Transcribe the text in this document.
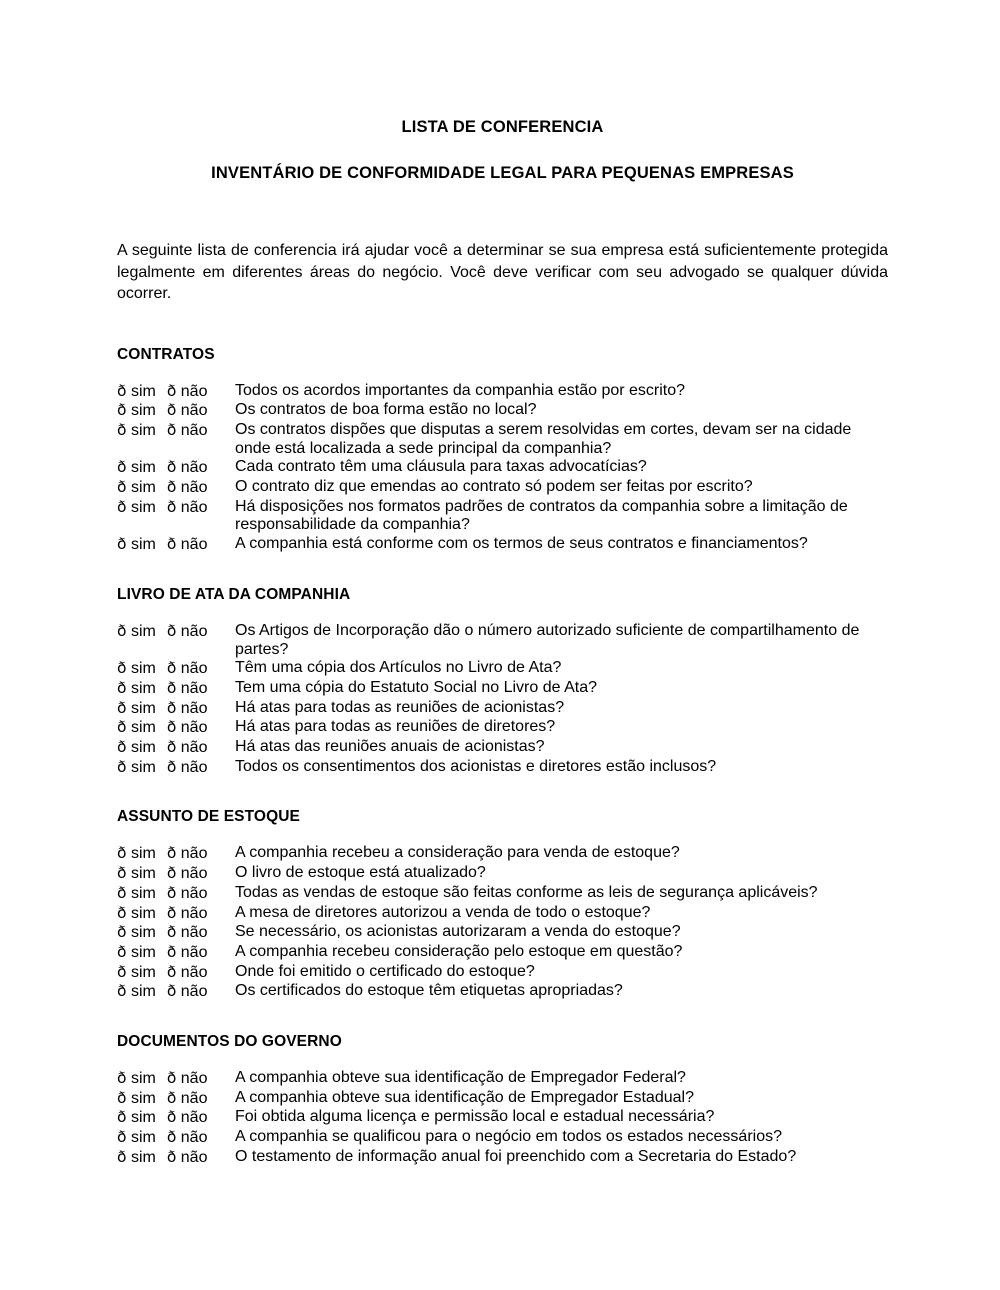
LISTA DE CONFERENCIA
INVENTÁRIO DE CONFORMIDADE LEGAL PARA PEQUENAS EMPRESAS

A seguinte lista de conferencia irá ajudar você a determinar se sua empresa está suficientemente protegida legalmente em diferentes áreas do negócio. Você deve verificar com seu advogado se qualquer dúvida ocorrer.

CONTRATOS
ð sim ð não	Todos os acordos importantes da companhia estão por escrito?
ð sim ð não	Os contratos de boa forma estão no local?
ð sim ð não	Os contratos dispões que disputas a serem resolvidas em cortes, devam ser na cidade onde está localizada a sede principal da companhia?
ð sim ð não	Cada contrato têm uma cláusula para taxas advocatícias?
ð sim ð não	O contrato diz que emendas ao contrato só podem ser feitas por escrito?
ð sim ð não	Há disposições nos formatos padrões de contratos da companhia sobre a limitação de responsabilidade da companhia?
ð sim ð não	A companhia está conforme com os termos de seus contratos e financiamentos?
LIVRO DE ATA DA COMPANHIA
ð sim ð não	Os Artigos de Incorporação dão o número autorizado suficiente de compartilhamento de partes?
ð sim ð não	Têm uma cópia dos Artículos no Livro de Ata?
ð sim ð não	Tem uma cópia do Estatuto Social no Livro de Ata?
ð sim ð não	Há atas para todas as reuniões de acionistas?
ð sim ð não	Há atas para todas as reuniões de diretores?
ð sim ð não	Há atas das reuniões anuais de acionistas?
ð sim ð não	Todos os consentimentos dos acionistas e diretores estão inclusos?
ASSUNTO DE ESTOQUE
ð sim ð não	A companhia recebeu a consideração para venda de estoque?
ð sim ð não	O livro de estoque está atualizado?
ð sim ð não	Todas as vendas de estoque são feitas conforme as leis de segurança aplicáveis?
ð sim ð não	A mesa de diretores autorizou a venda de todo o estoque?
ð sim ð não	Se necessário, os acionistas autorizaram a venda do estoque?
ð sim ð não	A companhia recebeu consideração pelo estoque em questão?
ð sim ð não	Onde foi emitido o certificado do estoque?
ð sim ð não	Os certificados do estoque têm etiquetas apropriadas?
DOCUMENTOS DO GOVERNO
ð sim ð não	A companhia obteve sua identificação de Empregador Federal?
ð sim ð não	A companhia obteve sua identificação de Empregador Estadual?
ð sim ð não	Foi obtida alguma licença e permissão local e estadual necessária?
ð sim ð não	A companhia se qualificou para o negócio em todos os estados necessários?
ð sim ð não	O testamento de informação anual foi preenchido com a Secretaria do Estado?
